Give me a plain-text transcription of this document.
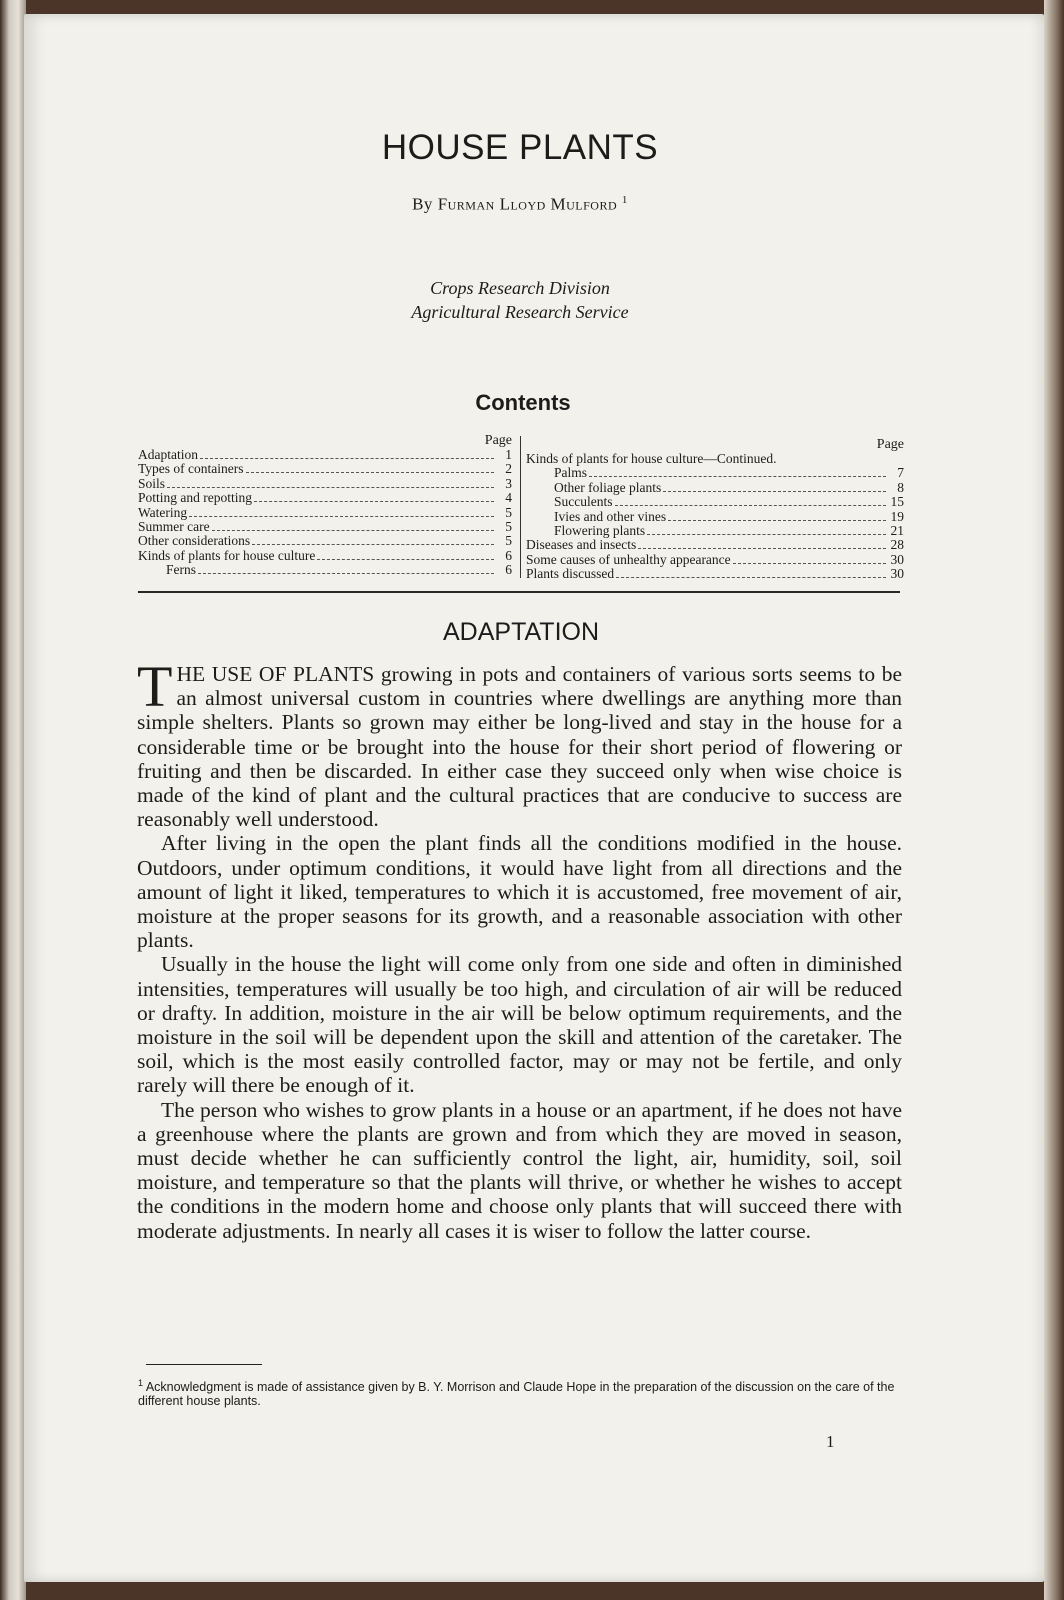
HOUSE PLANTS
By Furman Lloyd Mulford $^1$
Crops Research Division
Agricultural Research Service
Contents
Page
Adaptation	1
Types of containers	2
Soils	3
Potting and repotting	4
Watering	5
Summer care	5
Other considerations	5
Kinds of plants for house culture	6
Ferns	6
Page
Kinds of plants for house culture—Continued.
Palms	7
Other foliage plants	8
Succulents	15
Ivies and other vines	19
Flowering plants	21
Diseases and insects	28
Some causes of unhealthy appearance	30
Plants discussed	30
ADAPTATION

THE USE OF PLANTS growing in pots and containers of various sorts seems to be an almost universal custom in countries where dwellings are anything more than simple shelters. Plants so grown may either be long-lived and stay in the house for a considerable time or be brought into the house for their short period of flowering or fruiting and then be discarded. In either case they succeed only when wise choice is made of the kind of plant and the cultural practices that are conducive to success are reasonably well understood.

After living in the open the plant finds all the conditions modified in the house. Outdoors, under optimum conditions, it would have light from all directions and the amount of light it liked, temperatures to which it is accustomed, free movement of air, moisture at the proper seasons for its growth, and a reasonable association with other plants.

Usually in the house the light will come only from one side and often in diminished intensities, temperatures will usually be too high, and circulation of air will be reduced or drafty. In addition, moisture in the air will be below optimum requirements, and the moisture in the soil will be dependent upon the skill and attention of the caretaker. The soil, which is the most easily controlled factor, may or may not be fertile, and only rarely will there be enough of it.

The person who wishes to grow plants in a house or an apartment, if he does not have a greenhouse where the plants are grown and from which they are moved in season, must decide whether he can sufficiently control the light, air, humidity, soil, soil moisture, and temperature so that the plants will thrive, or whether he wishes to accept the conditions in the modern home and choose only plants that will succeed there with moderate adjustments. In nearly all cases it is wiser to follow the latter course.

$^1$ Acknowledgment is made of assistance given by B. Y. Morrison and Claude Hope in the preparation of the discussion on the care of the different house plants.
1
